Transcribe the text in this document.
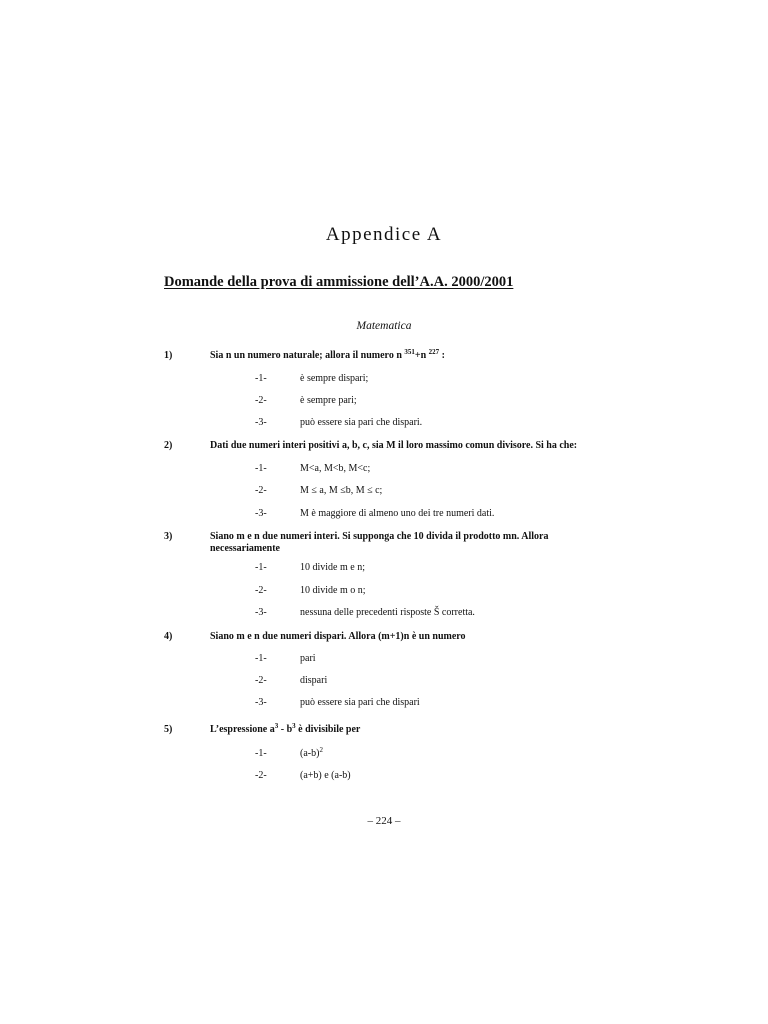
Appendice A
Domande della prova di ammissione dell’A.A. 2000/2001
Matematica
1)	Sia n un numero naturale; allora il numero n $^{351}$+n $^{227}$ :
-1-	è sempre dispari;
-2-	è sempre pari;
-3-	può essere sia pari che dispari.
2)	Dati due numeri interi positivi a, b, c, sia M il loro massimo comun divisore. Si ha che:
-1-	M<a, M<b, M<c;
-2-	M ≤ a, M ≤b, M ≤ c;
-3-	M è maggiore di almeno uno dei tre numeri dati.
3)	Siano m e n due numeri interi. Si supponga che 10 divida il prodotto mn. Allora necessariamente
-1-	10 divide m e n;
-2-	10 divide m o n;
-3-	nessuna delle precedenti risposte Š corretta.
4)	Siano m e n due numeri dispari. Allora (m+1)n è un numero
-1-	pari
-2-	dispari
-3-	può essere sia pari che dispari
5)	L’espressione $a^3 - b^3$ è divisibile per
-1-	$(a-b)^2$
-2-	(a+b) e (a-b)
– 224 –
